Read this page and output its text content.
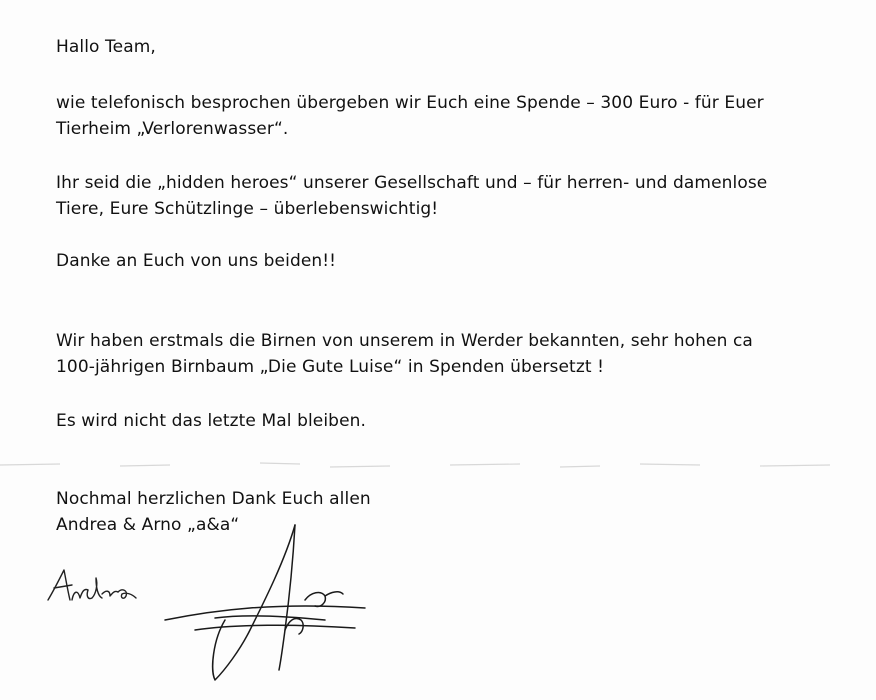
Hallo Team,
wie telefonisch besprochen übergeben wir Euch eine Spende – 300 Euro - für Euer
Tierheim „Verlorenwasser“.
Ihr seid die „hidden heroes“ unserer Gesellschaft und – für herren- und damenlose
Tiere, Eure Schützlinge – überlebenswichtig!
Danke an Euch von uns beiden!!
Wir haben erstmals die Birnen von unserem in Werder bekannten, sehr hohen ca
100-jährigen Birnbaum „Die Gute Luise“ in Spenden übersetzt !
Es wird nicht das letzte Mal bleiben.
Nochmal herzlichen Dank Euch allen
Andrea & Arno „a&a“
